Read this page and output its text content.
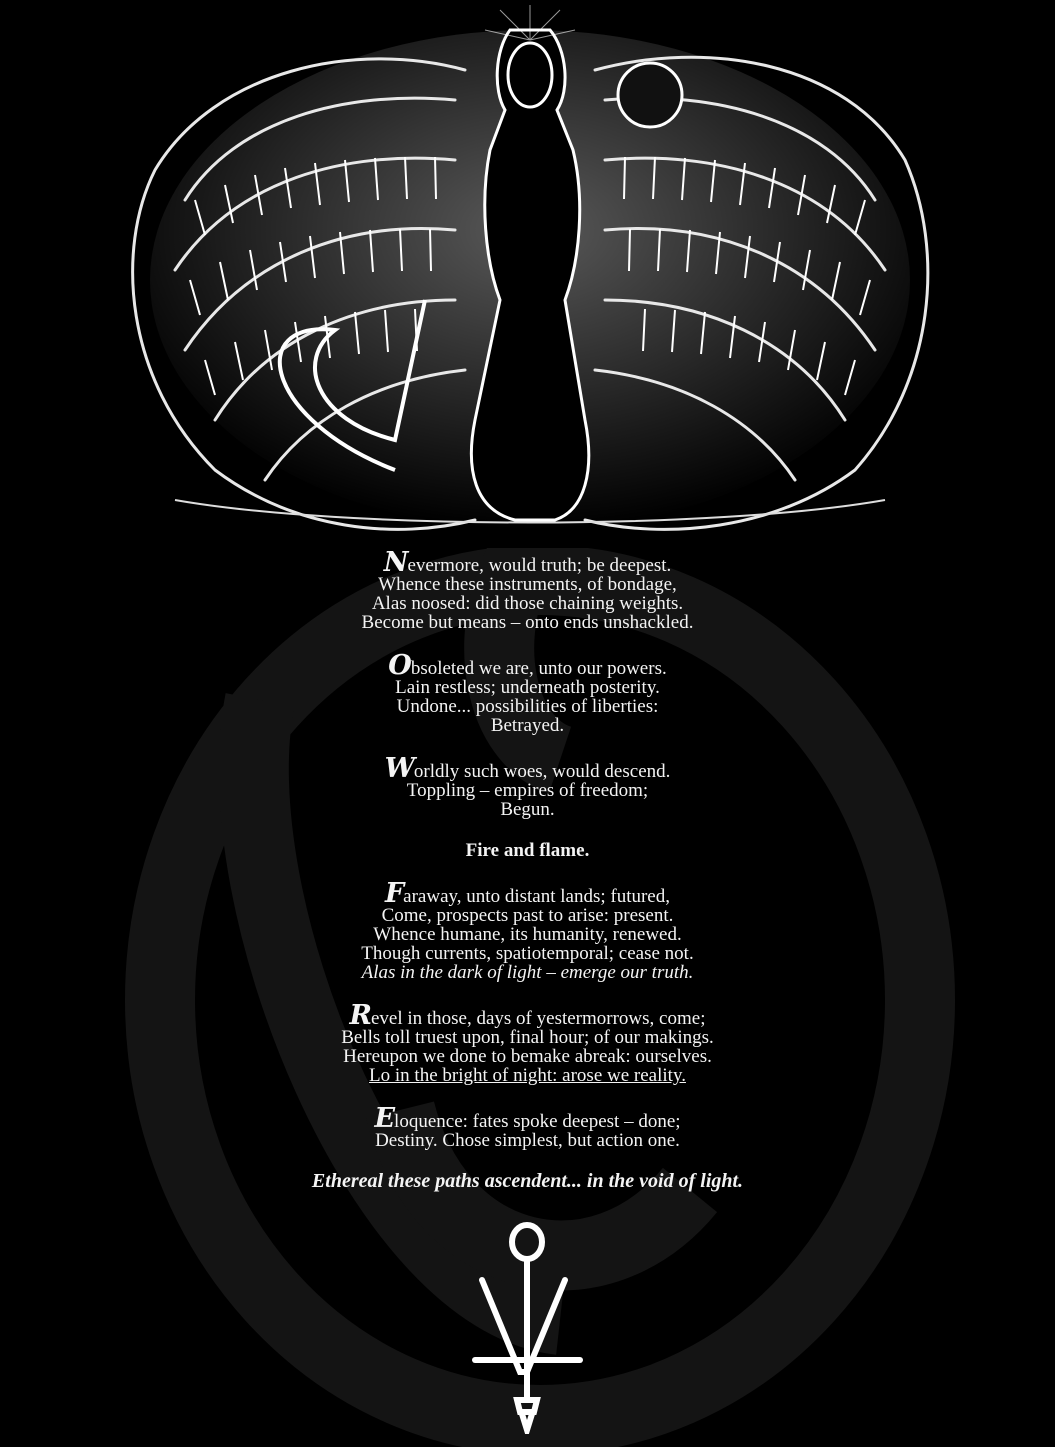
Nevermore, would truth; be deepest.
Whence these instruments, of bondage,
Alas noosed: did those chaining weights.
Become but means – onto ends unshackled.
Obsoleted we are, unto our powers.
Lain restless; underneath posterity.
Undone... possibilities of liberties:
Betrayed.
Worldly such woes, would descend.
Toppling – empires of freedom;
Begun.
Fire and flame.
Faraway, unto distant lands; futured,
Come, prospects past to arise: present.
Whence humane, its humanity, renewed.
Though currents, spatiotemporal; cease not.
Alas in the dark of light – emerge our truth.
Revel in those, days of yestermorrows, come;
Bells toll truest upon, final hour; of our makings.
Hereupon we done to bemake abreak: ourselves.
Lo in the bright of night: arose we reality.
Eloquence: fates spoke deepest – done;
Destiny. Chose simplest, but action one.
Ethereal these paths ascendent... in the void of light.
